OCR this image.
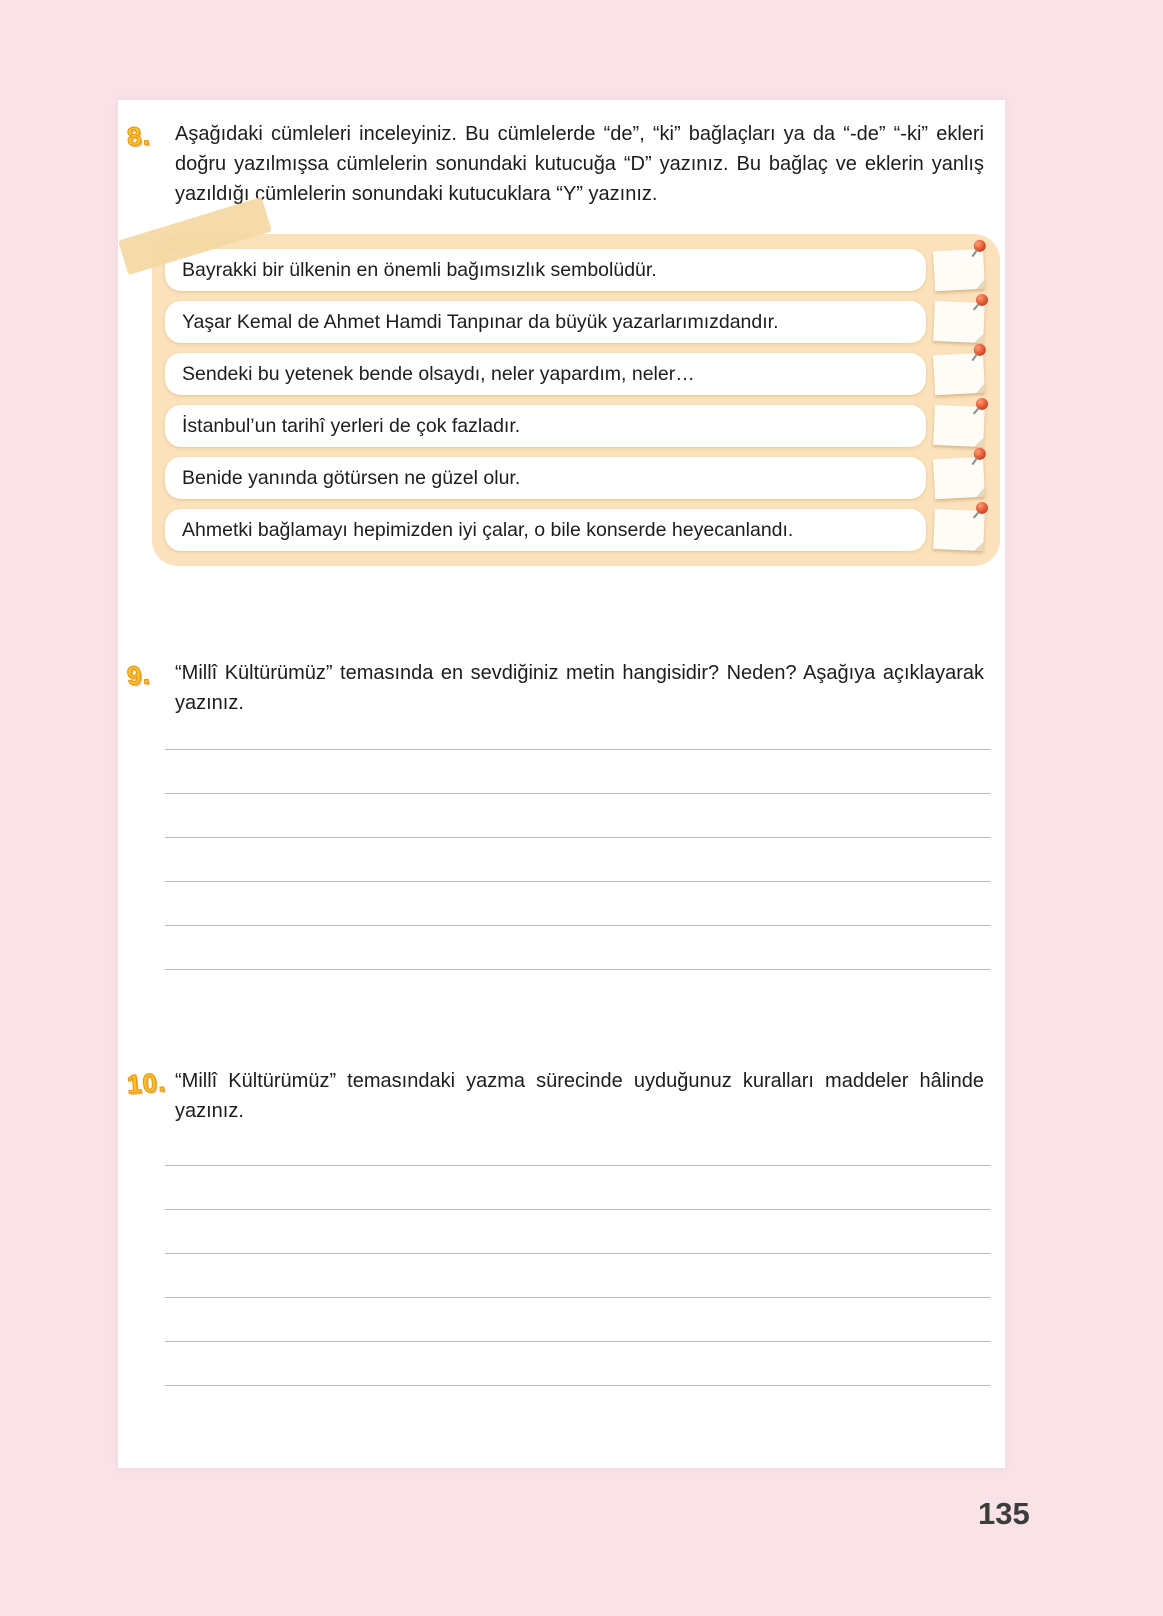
8.	Aşağıdaki cümleleri inceleyiniz. Bu cümlelerde “de”, “ki” bağlaçları ya da “-de” “-ki” ekleri doğru yazılmışsa cümlelerin sonundaki kutucuğa “D” yazınız. Bu bağlaç ve eklerin yanlış yazıldığı cümlelerin sonundaki kutucuklara “Y” yazınız.

Bayrakki bir ülkenin en önemli bağımsızlık sembolüdür.
Yaşar Kemal de Ahmet Hamdi Tanpınar da büyük yazarlarımızdandır.
Sendeki bu yetenek bende olsaydı, neler yapardım, neler…
İstanbul’un tarihî yerleri de çok fazladır.
Benide yanında götürsen ne güzel olur.
Ahmetki bağlamayı hepimizden iyi çalar, o bile konserde heyecanlandı.
9.	“Millî Kültürümüz” temasında en sevdiğiniz metin hangisidir? Neden? Aşağıya açıklayarak yazınız.

10. “Millî Kültürümüz” temasındaki yazma sürecinde uyduğunuz kuralları maddeler hâlinde yazınız.

135
